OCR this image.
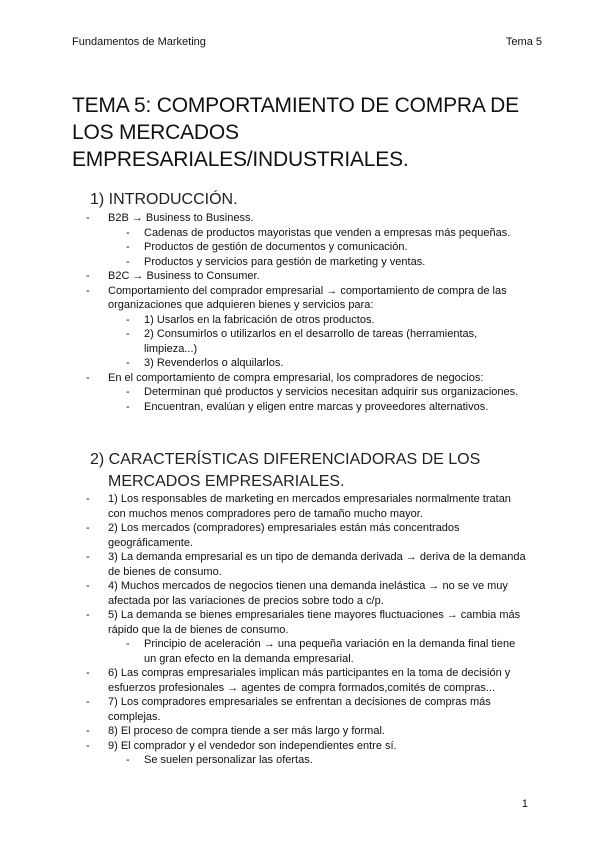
Fundamentos de Marketing	Tema 5
TEMA 5: COMPORTAMIENTO DE COMPRA DE LOS MERCADOS EMPRESARIALES/INDUSTRIALES.
1) INTRODUCCIÓN.
- B2B → Business to Business.
- Cadenas de productos mayoristas que venden a empresas más pequeñas.
- Productos de gestión de documentos y comunicación.
- Productos y servicios para gestión de marketing y ventas.
- B2C → Business to Consumer.
- Comportamiento del comprador empresarial → comportamiento de compra de las organizaciones que adquieren bienes y servicios para:
- 1) Usarlos en la fabricación de otros productos.
- 2) Consumirlos o utilizarlos en el desarrollo de tareas (herramientas, limpieza...)
- 3) Revenderlos o alquilarlos.
- En el comportamiento de compra empresarial, los compradores de negocios:
- Determinan qué productos y servicios necesitan adquirir sus organizaciones.
- Encuentran, evalúan y eligen entre marcas y proveedores alternativos.
2) CARACTERÍSTICAS DIFERENCIADORAS DE LOS
MERCADOS EMPRESARIALES.
- 1) Los responsables de marketing en mercados empresariales normalmente tratan con muchos menos compradores pero de tamaño mucho mayor.
- 2) Los mercados (compradores) empresariales están más concentrados geográficamente.
- 3) La demanda empresarial es un tipo de demanda derivada → deriva de la demanda de bienes de consumo.
- 4) Muchos mercados de negocios tienen una demanda inelástica → no se ve muy afectada por las variaciones de precios sobre todo a c/p.
- 5) La demanda se bienes empresariales tiene mayores fluctuaciones → cambia más rápido que la de bienes de consumo.
- Principio de aceleración → una pequeña variación en la demanda final tiene un gran efecto en la demanda empresarial.
- 6) Las compras empresariales implican más participantes en la toma de decisión y esfuerzos profesionales → agentes de compra formados,comités de compras...
- 7) Los compradores empresariales se enfrentan a decisiones de compras más complejas.
- 8) El proceso de compra tiende a ser más largo y formal.
- 9) El comprador y el vendedor son independientes entre sí.
- Se suelen personalizar las ofertas.
1
